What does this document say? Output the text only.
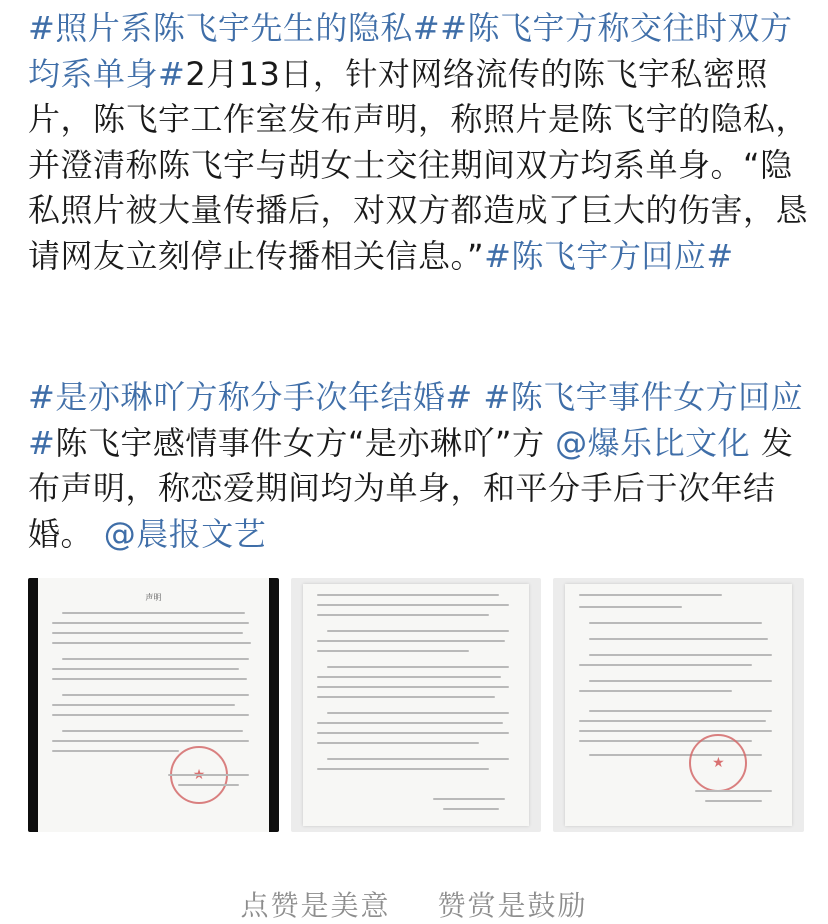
#照片系陈飞宇先生的隐私##陈飞宇方称交往时双方均系单身#2月13日，针对网络流传的陈飞宇私密照片，陈飞宇工作室发布声明，称照片是陈飞宇的隐私，并澄清称陈飞宇与胡女士交往期间双方均系单身。“隐私照片被大量传播后，对双方都造成了巨大的伤害，恳请网友立刻停止传播相关信息。”#陈飞宇方回应#
#是亦琳吖方称分手次年结婚# #陈飞宇事件女方回应#陈飞宇感情事件女方“是亦琳吖”方 @爆乐比文化 发布声明，称恋爱期间均为单身，和平分手后于次年结婚。 @晨报文艺
声明
★
★
点赞是美意 赞赏是鼓励
